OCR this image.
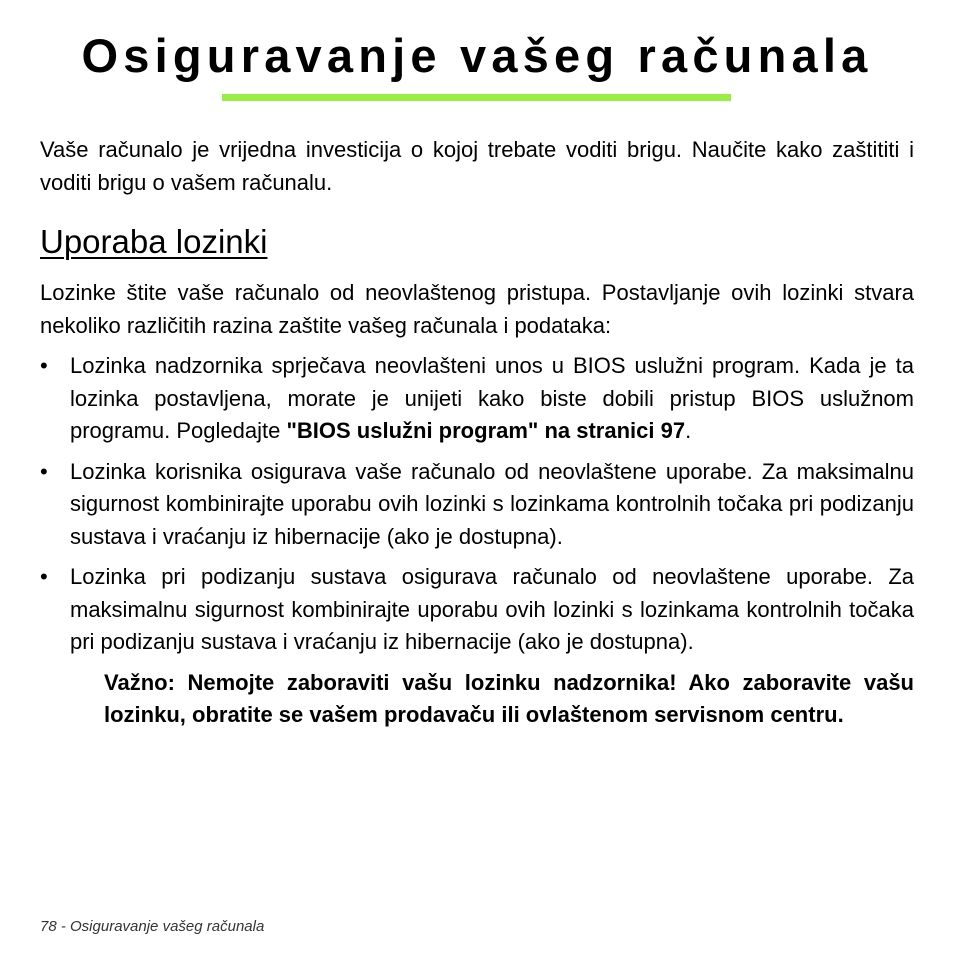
Osiguravanje vašeg računala

Vaše računalo je vrijedna investicija o kojoj trebate voditi brigu. Naučite kako zaštititi i voditi brigu o vašem računalu.

Uporaba lozinki

Lozinke štite vaše računalo od neovlaštenog pristupa. Postavljanje ovih lozinki stvara nekoliko različitih razina zaštite vašeg računala i podataka:

• Lozinka nadzornika sprječava neovlašteni unos u BIOS uslužni program. Kada je ta lozinka postavljena, morate je unijeti kako biste dobili pristup BIOS uslužnom programu. Pogledajte "BIOS uslužni program" na stranici 97.
• Lozinka korisnika osigurava vaše računalo od neovlaštene uporabe. Za maksimalnu sigurnost kombinirajte uporabu ovih lozinki s lozinkama kontrolnih točaka pri podizanju sustava i vraćanju iz hibernacije (ako je dostupna).
• Lozinka pri podizanju sustava osigurava računalo od neovlaštene uporabe. Za maksimalnu sigurnost kombinirajte uporabu ovih lozinki s lozinkama kontrolnih točaka pri podizanju sustava i vraćanju iz hibernacije (ako je dostupna).

Važno: Nemojte zaboraviti vašu lozinku nadzornika! Ako zaboravite vašu lozinku, obratite se vašem prodavaču ili ovlaštenom servisnom centru.

78 - Osiguravanje vašeg računala
